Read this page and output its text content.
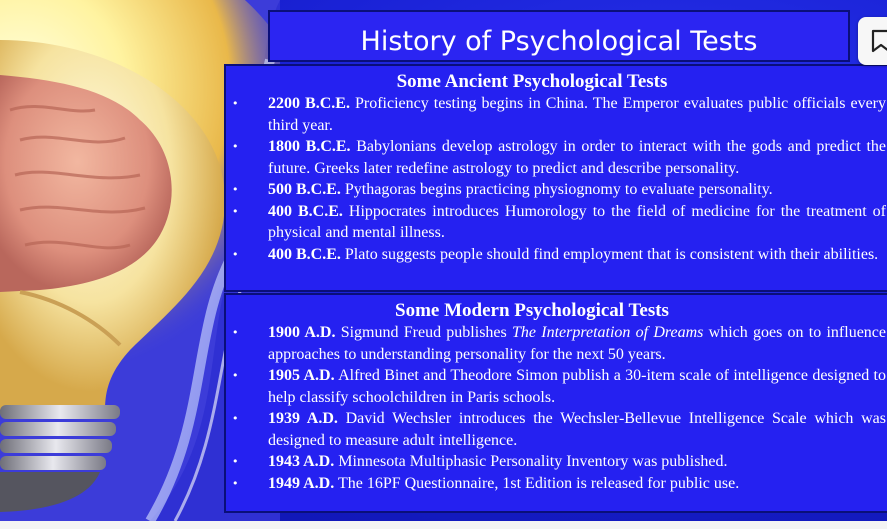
History of Psychological Tests
Some Ancient Psychological Tests
• 2200 B.C.E. Proficiency testing begins in China. The Emperor evaluates public officials every third year.
• 1800 B.C.E. Babylonians develop astrology in order to interact with the gods and predict the future. Greeks later redefine astrology to predict and describe personality.
• 500 B.C.E. Pythagoras begins practicing physiognomy to evaluate personality.
• 400 B.C.E. Hippocrates introduces Humorology to the field of medicine for the treatment of physical and mental illness.
• 400 B.C.E. Plato suggests people should find employment that is consistent with their abilities.
Some Modern Psychological Tests
• 1900 A.D. Sigmund Freud publishes The Interpretation of Dreams which goes on to influence approaches to understanding personality for the next 50 years.
• 1905 A.D. Alfred Binet and Theodore Simon publish a 30-item scale of intelligence designed to help classify schoolchildren in Paris schools.
• 1939 A.D. David Wechsler introduces the Wechsler-Bellevue Intelligence Scale which was designed to measure adult intelligence.
• 1943 A.D. Minnesota Multiphasic Personality Inventory was published.
• 1949 A.D. The 16PF Questionnaire, 1st Edition is released for public use.
